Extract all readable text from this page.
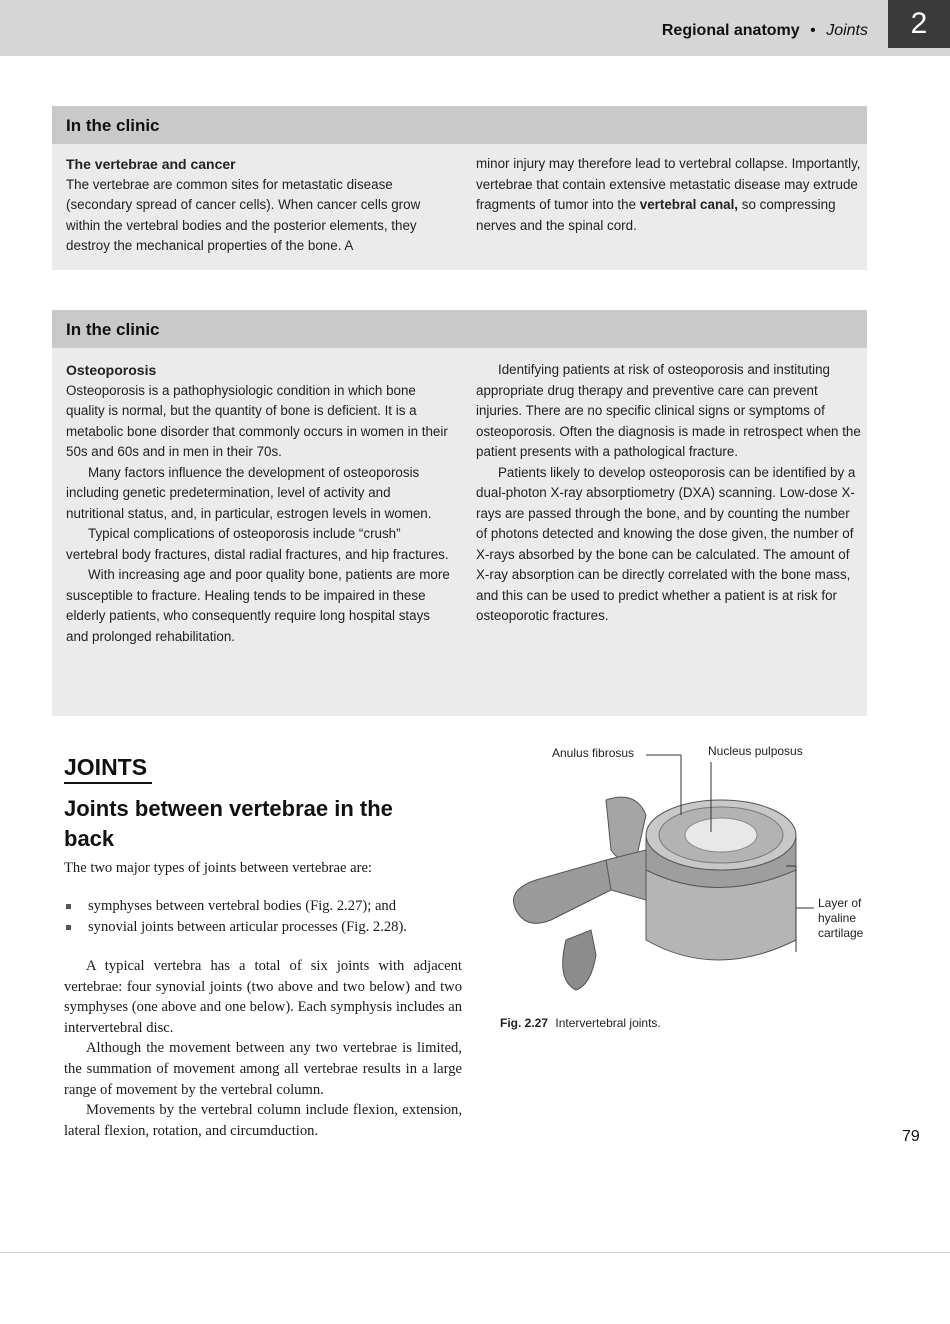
Regional anatomy • Joints	2
In the clinic

The vertebrae and cancer

The vertebrae are common sites for metastatic disease (secondary spread of cancer cells). When cancer cells grow within the vertebral bodies and the posterior elements, they destroy the mechanical properties of the bone. A

minor injury may therefore lead to vertebral collapse. Importantly, vertebrae that contain extensive metastatic disease may extrude fragments of tumor into the vertebral canal, so compressing nerves and the spinal cord.

In the clinic

Osteoporosis

Osteoporosis is a pathophysiologic condition in which bone quality is normal, but the quantity of bone is deficient. It is a metabolic bone disorder that commonly occurs in women in their 50s and 60s and in men in their 70s.

Many factors influence the development of osteoporosis including genetic predetermination, level of activity and nutritional status, and, in particular, estrogen levels in women.

Typical complications of osteoporosis include “crush” vertebral body fractures, distal radial fractures, and hip fractures.

With increasing age and poor quality bone, patients are more susceptible to fracture. Healing tends to be impaired in these elderly patients, who consequently require long hospital stays and prolonged rehabilitation.

Identifying patients at risk of osteoporosis and instituting appropriate drug therapy and preventive care can prevent injuries. There are no specific clinical signs or symptoms of osteoporosis. Often the diagnosis is made in retrospect when the patient presents with a pathological fracture.

Patients likely to develop osteoporosis can be identified by a dual-photon X-ray absorptiometry (DXA) scanning. Low-dose X-rays are passed through the bone, and by counting the number of photons detected and knowing the dose given, the number of X-rays absorbed by the bone can be calculated. The amount of X-ray absorption can be directly correlated with the bone mass, and this can be used to predict whether a patient is at risk for osteoporotic fractures.

JOINTS
Joints between vertebrae in the back

The two major types of joints between vertebrae are:

symphyses between vertebral bodies (Fig. 2.27); and
synovial joints between articular processes (Fig. 2.28).

A typical vertebra has a total of six joints with adjacent vertebrae: four synovial joints (two above and two below) and two symphyses (one above and one below). Each symphysis includes an intervertebral disc.

Although the movement between any two vertebrae is limited, the summation of movement among all vertebrae results in a large range of movement by the vertebral column.

Movements by the vertebral column include flexion, extension, lateral flexion, rotation, and circumduction.

Anulus fibrosus	Nucleus pulposus
Layer of hyaline cartilage
Fig. 2.27 Intervertebral joints.
79
